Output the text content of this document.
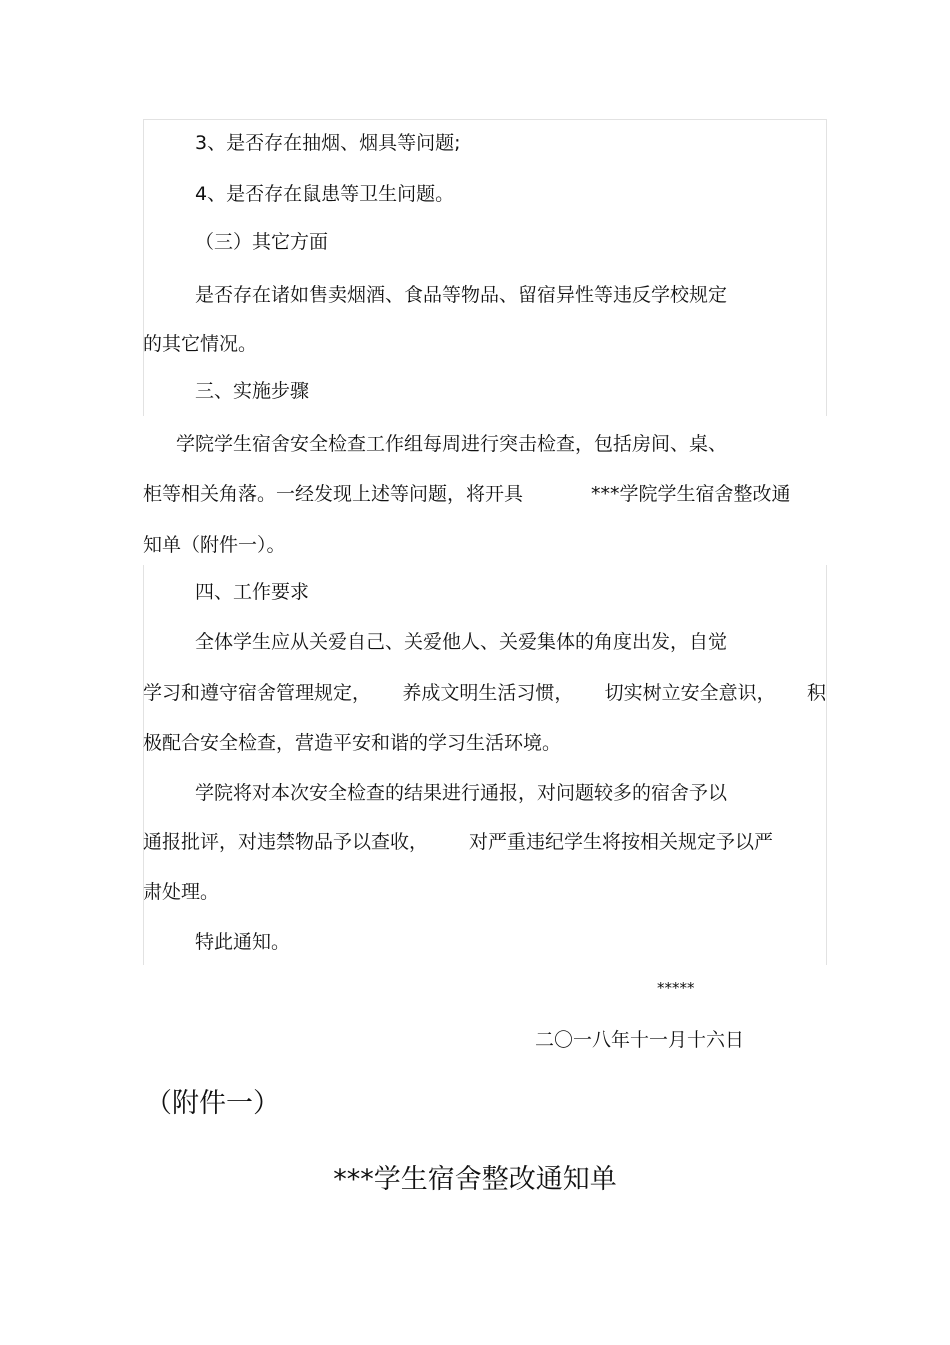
3、是否存在抽烟、烟具等问题;
4、是否存在鼠患等卫生问题。
（三）其它方面
是否存在诸如售卖烟酒、食品等物品、留宿异性等违反学校规定
的其它情况。
三、实施步骤
学院学生宿舍安全检查工作组每周进行突击检查，包括房间、桌、
柜等相关角落。一经发现上述等问题，将开具	***学院学生宿舍整改通
知单（附件一）。
四、工作要求
全体学生应从关爱自己、关爱他人、关爱集体的角度出发，自觉
学习和遵守宿舍管理规定， 养成文明生活习惯， 切实树立安全意识， 积
极配合安全检查，营造平安和谐的学习生活环境。
学院将对本次安全检查的结果进行通报，对问题较多的宿舍予以
通报批评，对违禁物品予以查收， 对严重违纪学生将按相关规定予以严
肃处理。
特此通知。
*****
二〇一八年十一月十六日
（附件一）
***学生宿舍整改通知单
